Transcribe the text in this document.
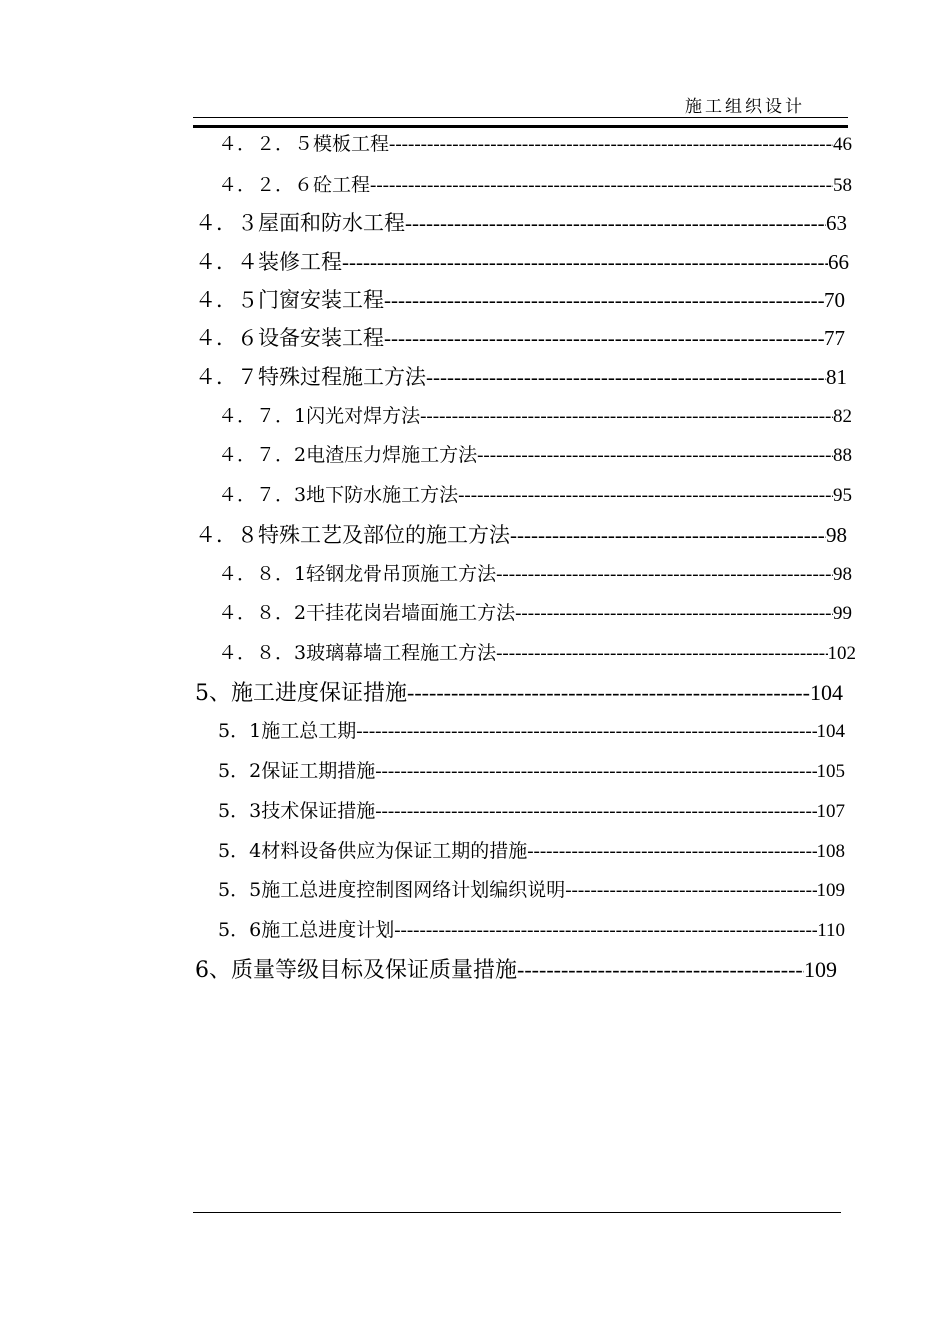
施工组织设计
４．２．５ 模板工程 -----	46
４．２．６ 砼工程 -----	58
４．３ 屋面和防水工程 -----	63
４．４ 装修工程 -----	66
４．５ 门窗安装工程 -----	70
４．６ 设备安装工程 -----	77
４．７ 特殊过程施工方法 -----	81
４．７．1 闪光对焊方法 -----	82
４．７．2 电渣压力焊施工方法 -----	88
４．７．3 地下防水施工方法 -----	95
４．８ 特殊工艺及部位的施工方法 -----	98
４．８．1 轻钢龙骨吊顶施工方法 -----	98
４．８．2 干挂花岗岩墙面施工方法 -----	99
４．８．3 玻璃幕墙工程施工方法 -----	102
5、 施工进度保证措施 -----	104
5．1 施工总工期 -----	104
5．2 保证工期措施 -----	105
5．3 技术保证措施 -----	107
5．4 材料设备供应为保证工期的措施 -----	108
5．5 施工总进度控制图网络计划编织说明 -----	109
5．6 施工总进度计划 -----	110
6、 质量等级目标及保证质量措施 -----	109
